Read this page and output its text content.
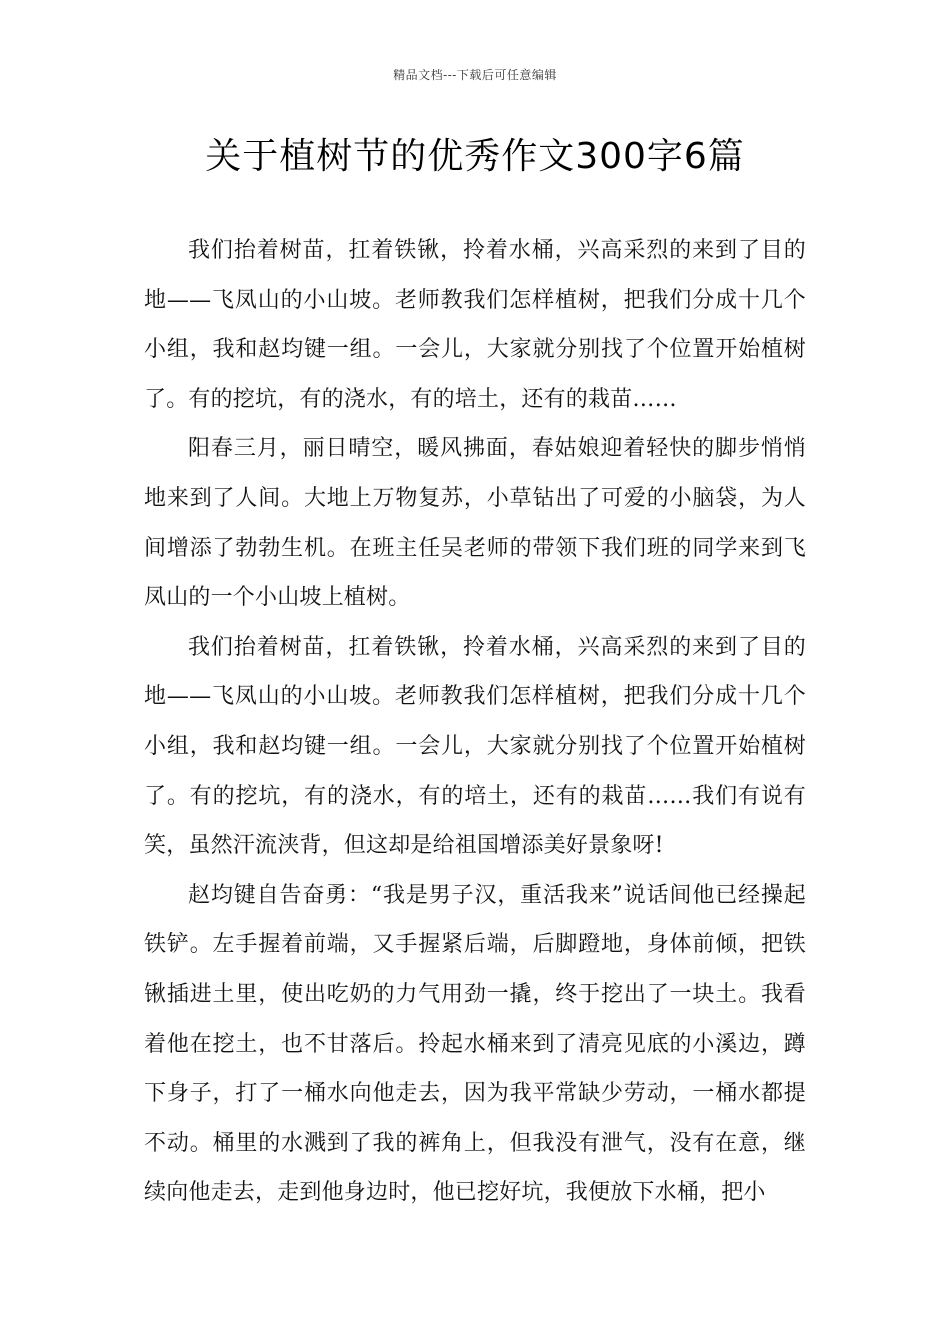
精品文档---下载后可任意编辑
关于植树节的优秀作文300字6篇

我们抬着树苗，扛着铁锹，拎着水桶，兴高采烈的来到了目的地——飞凤山的小山坡。老师教我们怎样植树，把我们分成十几个小组，我和赵均键一组。一会儿，大家就分别找了个位置开始植树了。有的挖坑，有的浇水，有的培土，还有的栽苗……

阳春三月，丽日晴空，暖风拂面，春姑娘迎着轻快的脚步悄悄地来到了人间。大地上万物复苏，小草钻出了可爱的小脑袋，为人间增添了勃勃生机。在班主任吴老师的带领下我们班的同学来到飞凤山的一个小山坡上植树。

我们抬着树苗，扛着铁锹，拎着水桶，兴高采烈的来到了目的地——飞凤山的小山坡。老师教我们怎样植树，把我们分成十几个小组，我和赵均键一组。一会儿，大家就分别找了个位置开始植树了。有的挖坑，有的浇水，有的培土，还有的栽苗……我们有说有笑，虽然汗流浃背，但这却是给祖国增添美好景象呀!

赵均键自告奋勇：“我是男子汉，重活我来”说话间他已经操起铁铲。左手握着前端，又手握紧后端，后脚蹬地，身体前倾，把铁锹插进土里，使出吃奶的力气用劲一撬，终于挖出了一块土。我看着他在挖土，也不甘落后。拎起水桶来到了清亮见底的小溪边，蹲下身子，打了一桶水向他走去，因为我平常缺少劳动，一桶水都提不动。桶里的水溅到了我的裤角上，但我没有泄气，没有在意，继续向他走去，走到他身边时，他已挖好坑，我便放下水桶，把小
